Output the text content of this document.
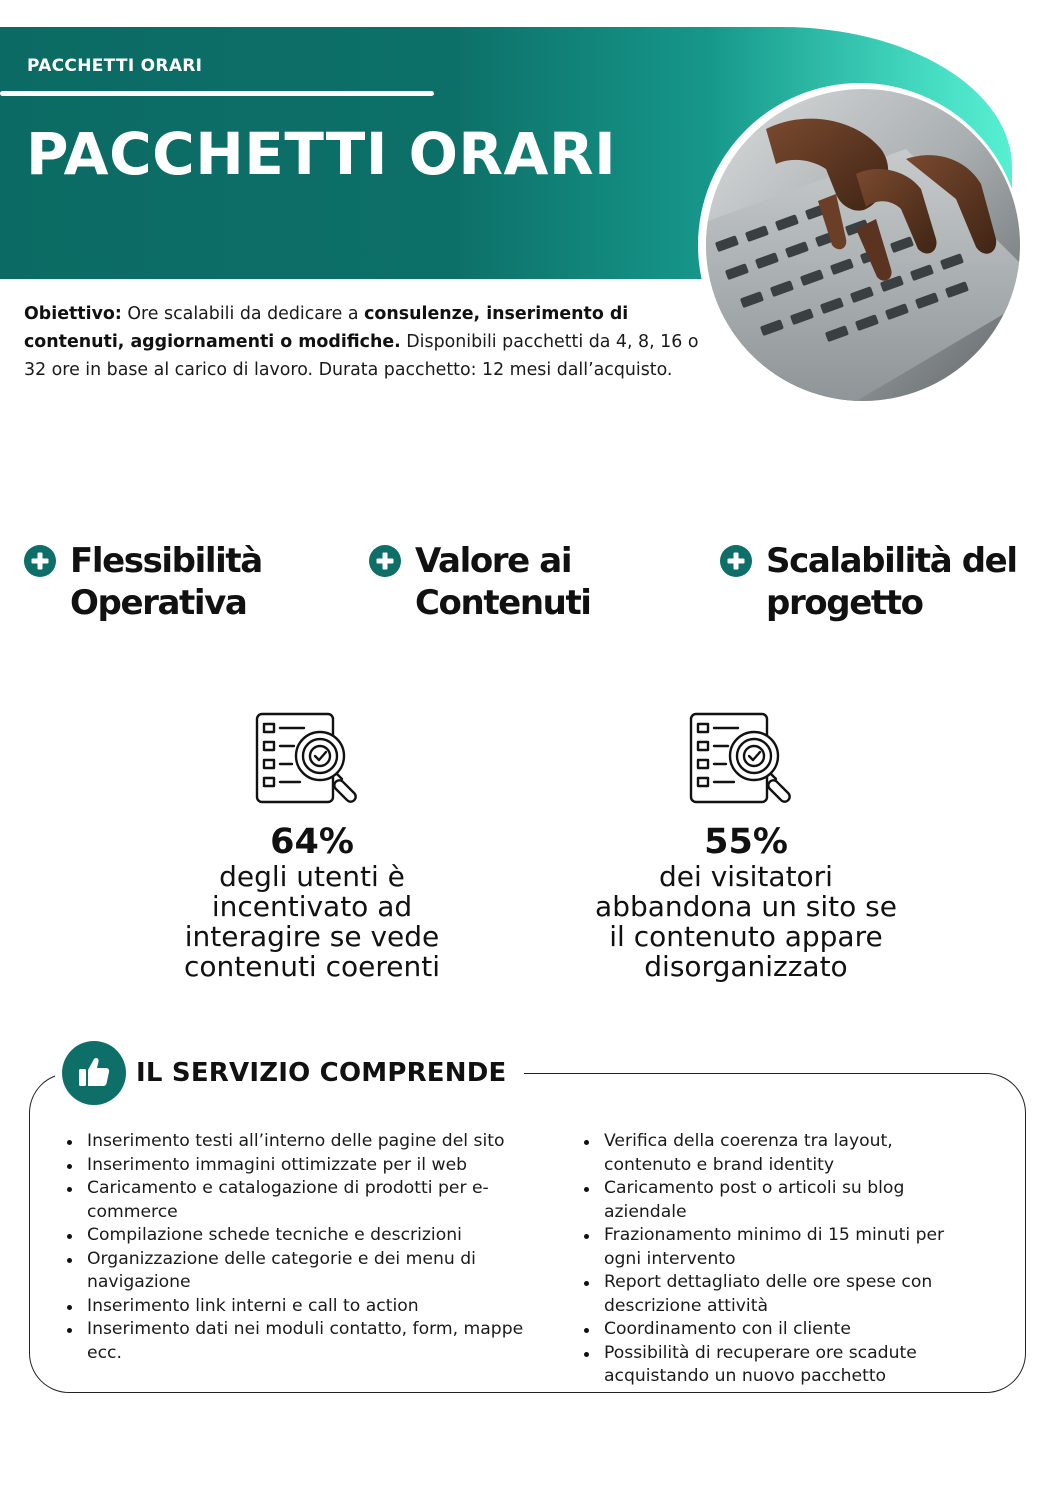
PACCHETTI ORARI
PACCHETTI ORARI

Obiettivo: Ore scalabili da dedicare a consulenze, inserimento di contenuti, aggiornamenti o modifiche. Disponibili pacchetti da 4, 8, 16 o 32 ore in base al carico di lavoro. Durata pacchetto: 12 mesi dall’acquisto.

Flessibilità Operativa
Valore ai Contenuti
Scalabilità del progetto
64%
degli utenti è
incentivato ad
interagire se vede
contenuti coerenti
55%
dei visitatori
abbandona un sito se
il contenuto appare
disorganizzato
IL SERVIZIO COMPRENDE
Inserimento testi all’interno delle pagine del sito
Inserimento immagini ottimizzate per il web
Caricamento e catalogazione di prodotti per e-commerce
Compilazione schede tecniche e descrizioni
Organizzazione delle categorie e dei menu di navigazione
Inserimento link interni e call to action
Inserimento dati nei moduli contatto, form, mappe ecc.
Verifica della coerenza tra layout, contenuto e brand identity
Caricamento post o articoli su blog aziendale
Frazionamento minimo di 15 minuti per ogni intervento
Report dettagliato delle ore spese con descrizione attività
Coordinamento con il cliente
Possibilità di recuperare ore scadute acquistando un nuovo pacchetto
